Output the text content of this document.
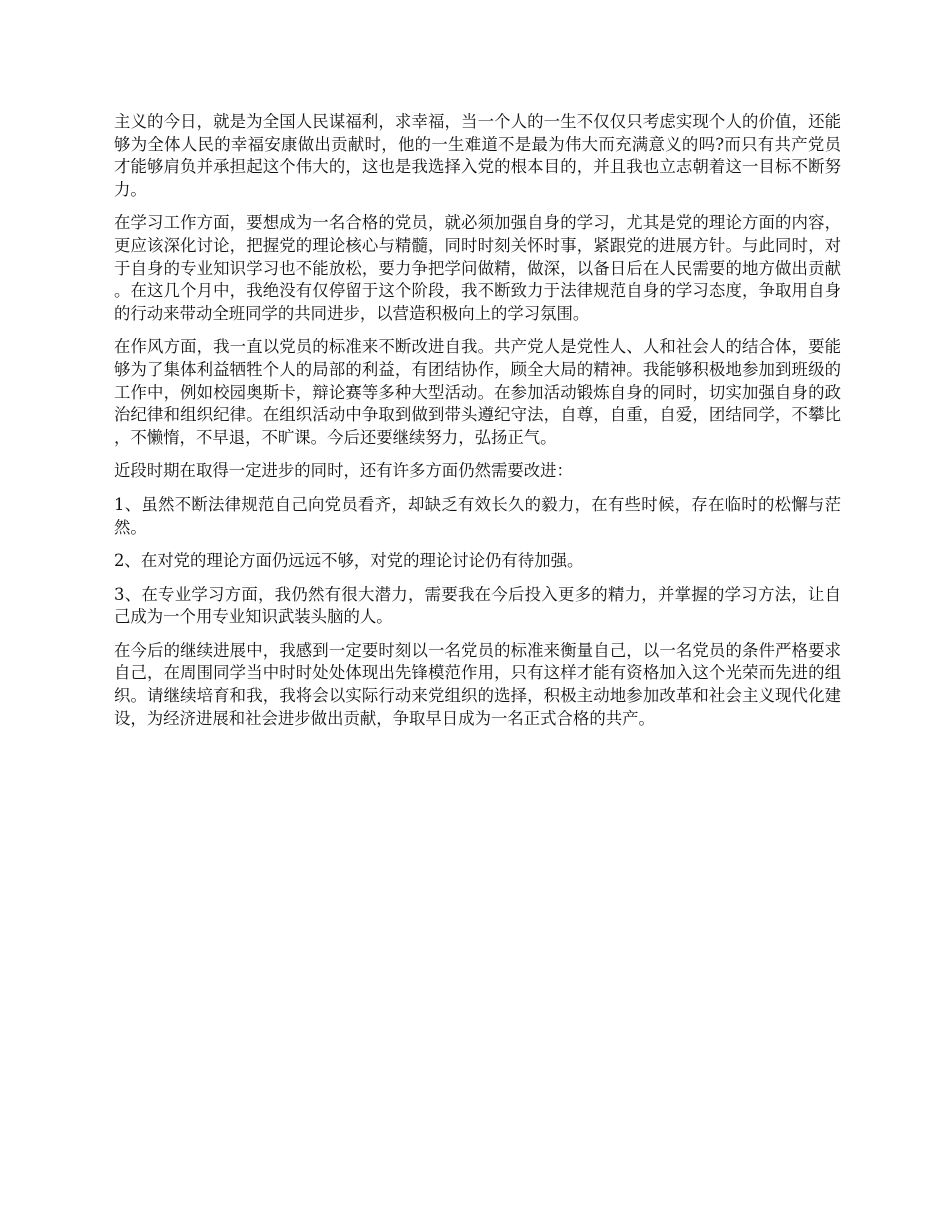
主义的今日，就是为全国人民谋福利，求幸福，当一个人的一生不仅仅只考虑实现个人的价值，还能够为全体人民的幸福安康做出贡献时，他的一生难道不是最为伟大而充满意义的吗?而只有共产党员才能够肩负并承担起这个伟大的，这也是我选择入党的根本目的，并且我也立志朝着这一目标不断努力。

在学习工作方面，要想成为一名合格的党员，就必须加强自身的学习，尤其是党的理论方面的内容，更应该深化讨论，把握党的理论核心与精髓，同时时刻关怀时事，紧跟党的进展方针。与此同时，对于自身的专业知识学习也不能放松，要力争把学问做精，做深，以备日后在人民需要的地方做出贡献。在这几个月中，我绝没有仅停留于这个阶段，我不断致力于法律规范自身的学习态度，争取用自身的行动来带动全班同学的共同进步，以营造积极向上的学习氛围。

在作风方面，我一直以党员的标准来不断改进自我。共产党人是党性人、人和社会人的结合体，要能够为了集体利益牺牲个人的局部的利益，有团结协作，顾全大局的精神。我能够积极地参加到班级的工作中，例如校园奥斯卡，辩论赛等多种大型活动。在参加活动锻炼自身的同时，切实加强自身的政治纪律和组织纪律。在组织活动中争取到做到带头遵纪守法，自尊，自重，自爱，团结同学，不攀比，不懒惰，不早退，不旷课。今后还要继续努力，弘扬正气。

近段时期在取得一定进步的同时，还有许多方面仍然需要改进：

1、虽然不断法律规范自己向党员看齐，却缺乏有效长久的毅力，在有些时候，存在临时的松懈与茫然。

2、在对党的理论方面仍远远不够，对党的理论讨论仍有待加强。

3、在专业学习方面，我仍然有很大潜力，需要我在今后投入更多的精力，并掌握的学习方法，让自己成为一个用专业知识武装头脑的人。

在今后的继续进展中，我感到一定要时刻以一名党员的标准来衡量自己，以一名党员的条件严格要求自己，在周围同学当中时时处处体现出先锋模范作用，只有这样才能有资格加入这个光荣而先进的组织。请继续培育和我，我将会以实际行动来党组织的选择，积极主动地参加改革和社会主义现代化建设，为经济进展和社会进步做出贡献，争取早日成为一名正式合格的共产。
